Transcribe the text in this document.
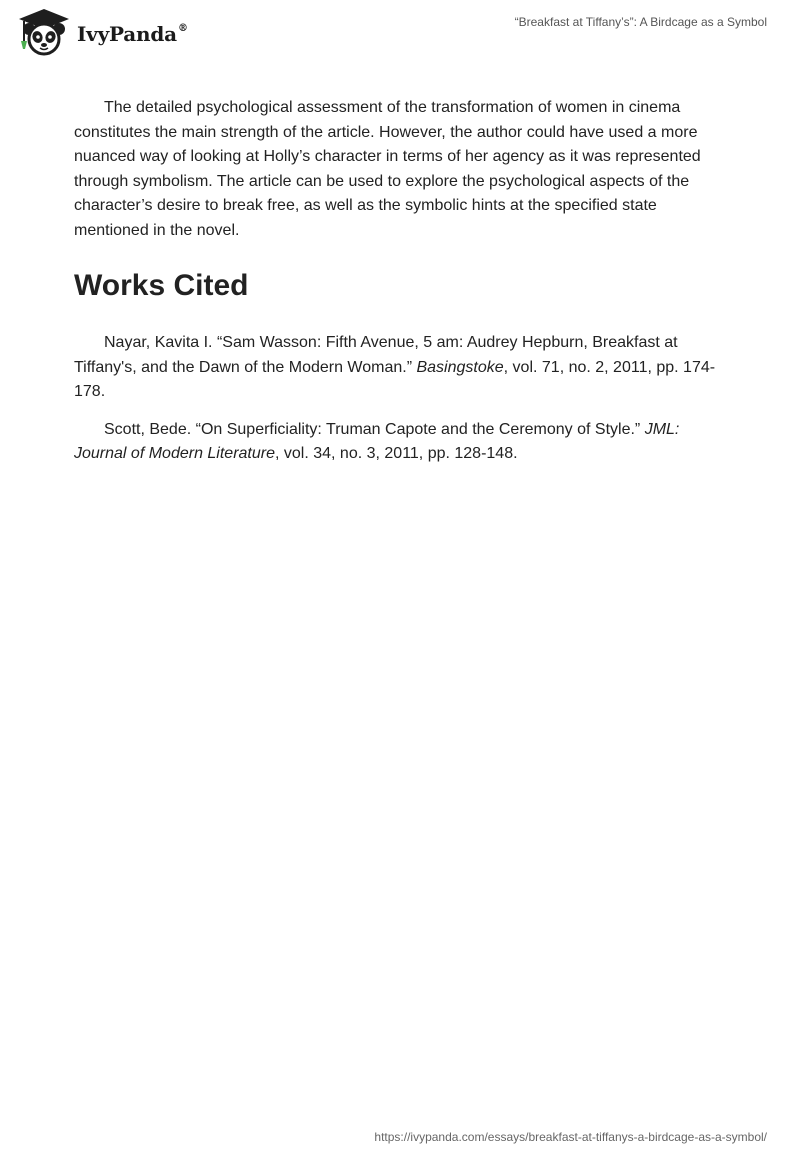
IvyPanda®	“Breakfast at Tiffany’s”: A Birdcage as a Symbol

The detailed psychological assessment of the transformation of women in cinema constitutes the main strength of the article. However, the author could have used a more nuanced way of looking at Holly’s character in terms of her agency as it was represented through symbolism. The article can be used to explore the psychological aspects of the character’s desire to break free, as well as the symbolic hints at the specified state mentioned in the novel.

Works Cited

Nayar, Kavita I. “Sam Wasson: Fifth Avenue, 5 am: Audrey Hepburn, Breakfast at Tiffany's, and the Dawn of the Modern Woman.” Basingstoke, vol. 71, no. 2, 2011, pp. 174-178.

Scott, Bede. “On Superficiality: Truman Capote and the Ceremony of Style.” JML: Journal of Modern Literature, vol. 34, no. 3, 2011, pp. 128-148.

https://ivypanda.com/essays/breakfast-at-tiffanys-a-birdcage-as-a-symbol/
